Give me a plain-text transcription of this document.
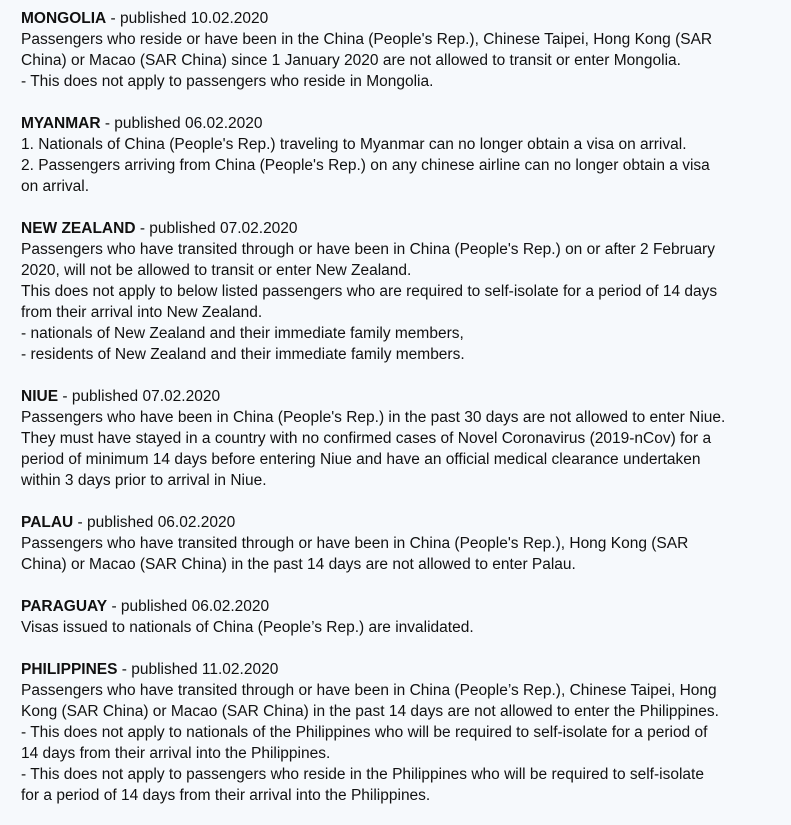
MONGOLIA - published 10.02.2020
Passengers who reside or have been in the China (People's Rep.), Chinese Taipei, Hong Kong (SAR
China) or Macao (SAR China) since 1 January 2020 are not allowed to transit or enter Mongolia.
- This does not apply to passengers who reside in Mongolia.
MYANMAR - published 06.02.2020
1. Nationals of China (People's Rep.) traveling to Myanmar can no longer obtain a visa on arrival.
2. Passengers arriving from China (People's Rep.) on any chinese airline can no longer obtain a visa
on arrival.
NEW ZEALAND - published 07.02.2020
Passengers who have transited through or have been in China (People's Rep.) on or after 2 February
2020, will not be allowed to transit or enter New Zealand.
This does not apply to below listed passengers who are required to self-isolate for a period of 14 days
from their arrival into New Zealand.
- nationals of New Zealand and their immediate family members,
- residents of New Zealand and their immediate family members.
NIUE - published 07.02.2020
Passengers who have been in China (People's Rep.) in the past 30 days are not allowed to enter Niue.
They must have stayed in a country with no confirmed cases of Novel Coronavirus (2019-nCov) for a
period of minimum 14 days before entering Niue and have an official medical clearance undertaken
within 3 days prior to arrival in Niue.
PALAU - published 06.02.2020
Passengers who have transited through or have been in China (People's Rep.), Hong Kong (SAR
China) or Macao (SAR China) in the past 14 days are not allowed to enter Palau.
PARAGUAY - published 06.02.2020
Visas issued to nationals of China (People’s Rep.) are invalidated.
PHILIPPINES - published 11.02.2020
Passengers who have transited through or have been in China (People’s Rep.), Chinese Taipei, Hong
Kong (SAR China) or Macao (SAR China) in the past 14 days are not allowed to enter the Philippines.
- This does not apply to nationals of the Philippines who will be required to self-isolate for a period of
14 days from their arrival into the Philippines.
- This does not apply to passengers who reside in the Philippines who will be required to self-isolate
for a period of 14 days from their arrival into the Philippines.
